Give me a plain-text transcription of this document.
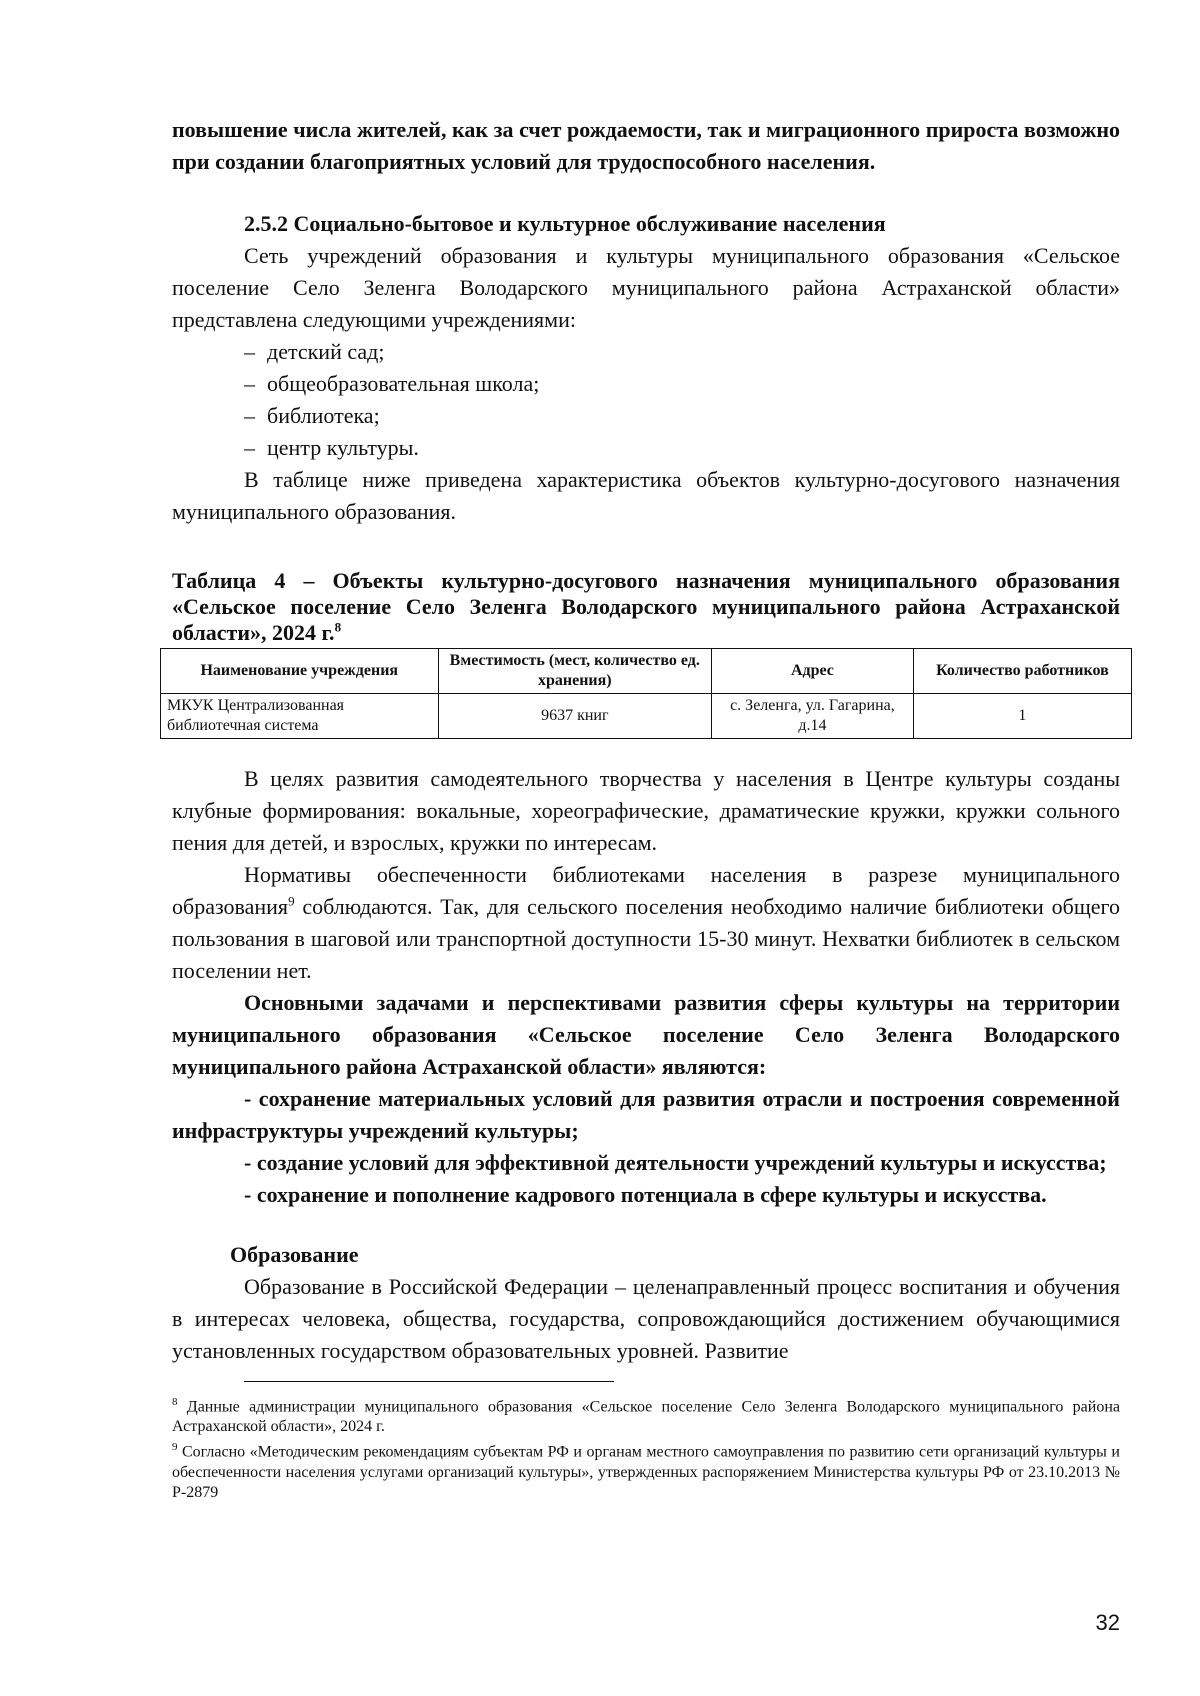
повышение числа жителей, как за счет рождаемости, так и миграционного прироста возможно при создании благоприятных условий для трудоспособного населения.

2.5.2 Социально-бытовое и культурное обслуживание населения

Сеть учреждений образования и культуры муниципального образования «Сельское поселение Село Зеленга Володарского муниципального района Астраханской области» представлена следующими учреждениями:

– детский сад;
– общеобразовательная школа;
– библиотека;
– центр культуры.

В таблице ниже приведена характеристика объектов культурно-досугового назначения муниципального образования.

Таблица 4 – Объекты культурно-досугового назначения муниципального образования «Сельское поселение Село Зеленга Володарского муниципального района Астраханской области», 2024 г.$^8$
Наименование учреждения	Вместимость (мест, количество ед. хранения)	Адрес	Количество работников
МКУК Централизованная библиотечная система	9637 книг	с. Зеленга, ул. Гагарина, д.14	1

В целях развития самодеятельного творчества у населения в Центре культуры созданы клубные формирования: вокальные, хореографические, драматические кружки, кружки сольного пения для детей, и взрослых, кружки по интересам.

Нормативы обеспеченности библиотеками населения в разрезе муниципального образования$^9$ соблюдаются. Так, для сельского поселения необходимо наличие библиотеки общего пользования в шаговой или транспортной доступности 15-30 минут. Нехватки библиотек в сельском поселении нет.

Основными задачами и перспективами развития сферы культуры на территории муниципального образования «Сельское поселение Село Зеленга Володарского муниципального района Астраханской области» являются:

- сохранение материальных условий для развития отрасли и построения современной инфраструктуры учреждений культуры;

- создание условий для эффективной деятельности учреждений культуры и искусства;

- сохранение и пополнение кадрового потенциала в сфере культуры и искусства.

Образование

Образование в Российской Федерации – целенаправленный процесс воспитания и обучения в интересах человека, общества, государства, сопровождающийся достижением обучающимися установленных государством образовательных уровней. Развитие

$^8$ Данные администрации муниципального образования «Сельское поселение Село Зеленга Володарского муниципального района Астраханской области», 2024 г.

$^9$ Согласно «Методическим рекомендациям субъектам РФ и органам местного самоуправления по развитию сети организаций культуры и обеспеченности населения услугами организаций культуры», утвержденных распоряжением Министерства культуры РФ от 23.10.2013 № Р-2879

32
